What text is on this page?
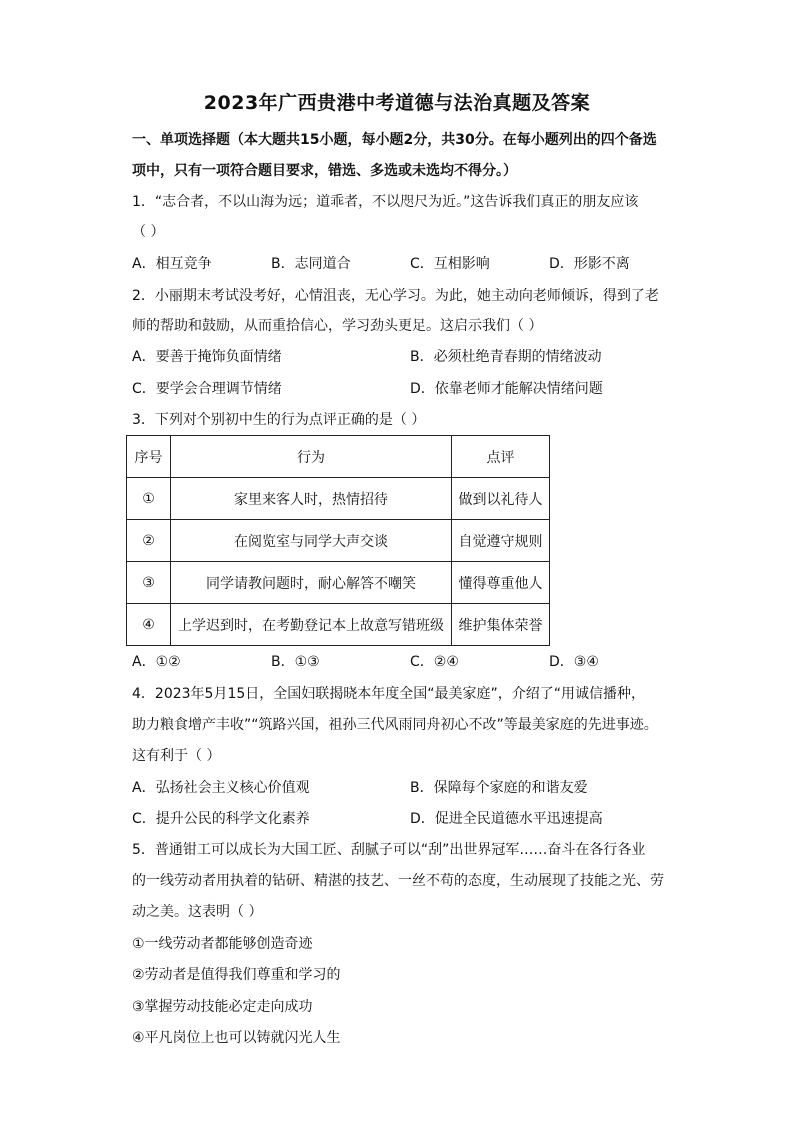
2023年广西贵港中考道德与法治真题及答案
一、单项选择题（本大题共15小题，每小题2分，共30分。在每小题列出的四个备选
项中，只有一项符合题目要求，错选、多选或未选均不得分。）
1．“志合者，不以山海为远；道乖者，不以咫尺为近。”这告诉我们真正的朋友应该
（ ）
A．相互竞争	B．志同道合	C．互相影响	D．形影不离
2．小丽期末考试没考好，心情沮丧，无心学习。为此，她主动向老师倾诉，得到了老
师的帮助和鼓励，从而重拾信心，学习劲头更足。这启示我们（ ）
A．要善于掩饰负面情绪	B．必须杜绝青春期的情绪波动
C．要学会合理调节情绪	D．依靠老师才能解决情绪问题
3．下列对个别初中生的行为点评正确的是（ ）
序号	行为	点评
①	家里来客人时，热情招待	做到以礼待人
②	在阅览室与同学大声交谈	自觉遵守规则
③	同学请教问题时，耐心解答不嘲笑	懂得尊重他人
④	上学迟到时，在考勤登记本上故意写错班级	维护集体荣誉
A．①②	B．①③	C．②④	D．③④
4．2023年5月15日，全国妇联揭晓本年度全国“最美家庭”，介绍了“用诚信播种，
助力粮食增产丰收”“筑路兴国，祖孙三代风雨同舟初心不改”等最美家庭的先进事迹。
这有利于（ ）
A．弘扬社会主义核心价值观	B．保障每个家庭的和谐友爱
C．提升公民的科学文化素养	D．促进全民道德水平迅速提高
5．普通钳工可以成长为大国工匠、刮腻子可以“刮”出世界冠军……奋斗在各行各业
的一线劳动者用执着的钻研、精湛的技艺、一丝不苟的态度，生动展现了技能之光、劳
动之美。这表明（ ）
①一线劳动者都能够创造奇迹
②劳动者是值得我们尊重和学习的
③掌握劳动技能必定走向成功
④平凡岗位上也可以铸就闪光人生
